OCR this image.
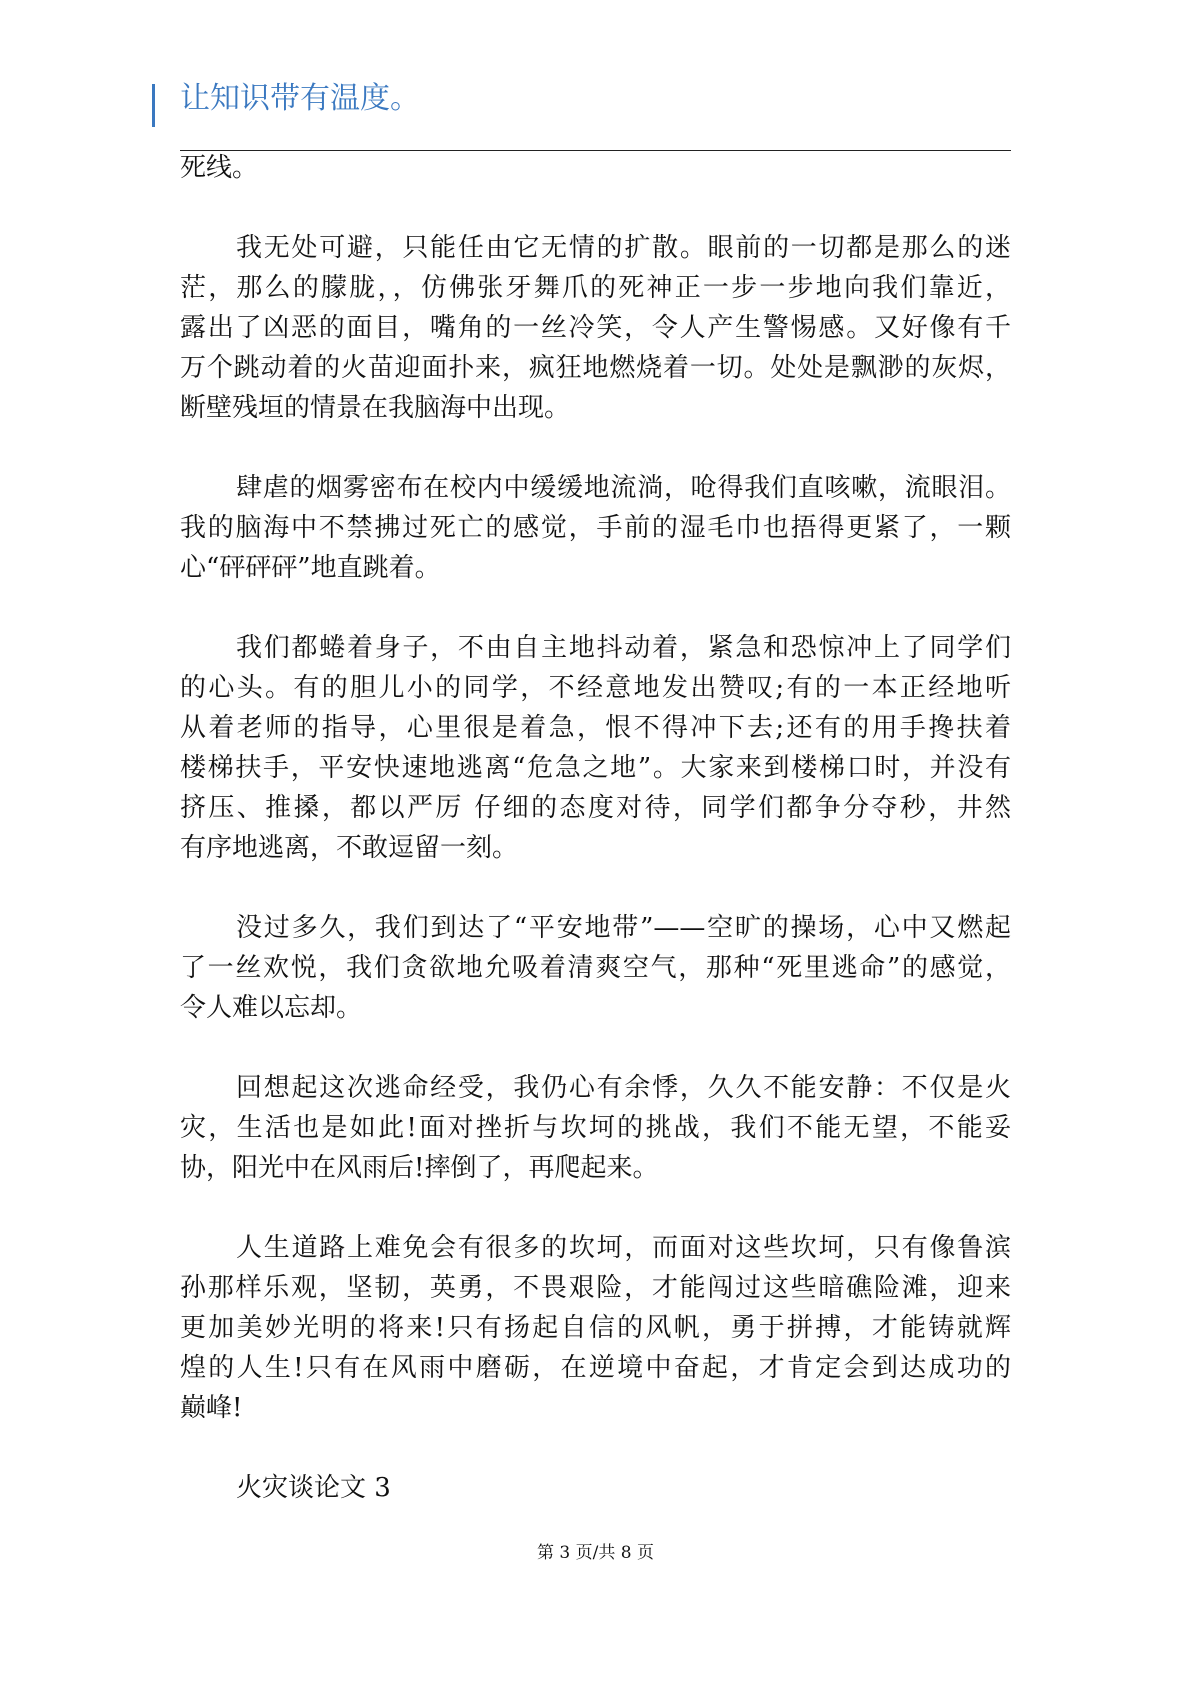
让知识带有温度。
死线。
我无处可避，只能任由它无情的扩散。眼前的一切都是那么的迷
茫，那么的朦胧，，仿佛张牙舞爪的死神正一步一步地向我们靠近，
露出了凶恶的面目，嘴角的一丝冷笑，令人产生警惕感。又好像有千
万个跳动着的火苗迎面扑来，疯狂地燃烧着一切。处处是飘渺的灰烬，
断壁残垣的情景在我脑海中出现。
肆虐的烟雾密布在校内中缓缓地流淌，呛得我们直咳嗽，流眼泪。
我的脑海中不禁拂过死亡的感觉，手前的湿毛巾也捂得更紧了，一颗
心“砰砰砰”地直跳着。
我们都蜷着身子，不由自主地抖动着，紧急和恐惊冲上了同学们
的心头。有的胆儿小的同学，不经意地发出赞叹;有的一本正经地听
从着老师的指导，心里很是着急，恨不得冲下去;还有的用手搀扶着
楼梯扶手，平安快速地逃离“危急之地”。大家来到楼梯口时，并没有
挤压、推搡，都以严厉 仔细的态度对待，同学们都争分夺秒，井然
有序地逃离，不敢逗留一刻。
没过多久，我们到达了“平安地带”——空旷的操场，心中又燃起
了一丝欢悦，我们贪欲地允吸着清爽空气，那种“死里逃命”的感觉，
令人难以忘却。
回想起这次逃命经受，我仍心有余悸，久久不能安静：不仅是火
灾，生活也是如此!面对挫折与坎坷的挑战，我们不能无望，不能妥
协，阳光中在风雨后!摔倒了，再爬起来。
人生道路上难免会有很多的坎坷，而面对这些坎坷，只有像鲁滨
孙那样乐观，坚韧，英勇，不畏艰险，才能闯过这些暗礁险滩，迎来
更加美妙光明的将来!只有扬起自信的风帆，勇于拼搏，才能铸就辉
煌的人生!只有在风雨中磨砺，在逆境中奋起，才肯定会到达成功的
巅峰!
火灾谈论文 3
第 3 页/共 8 页
